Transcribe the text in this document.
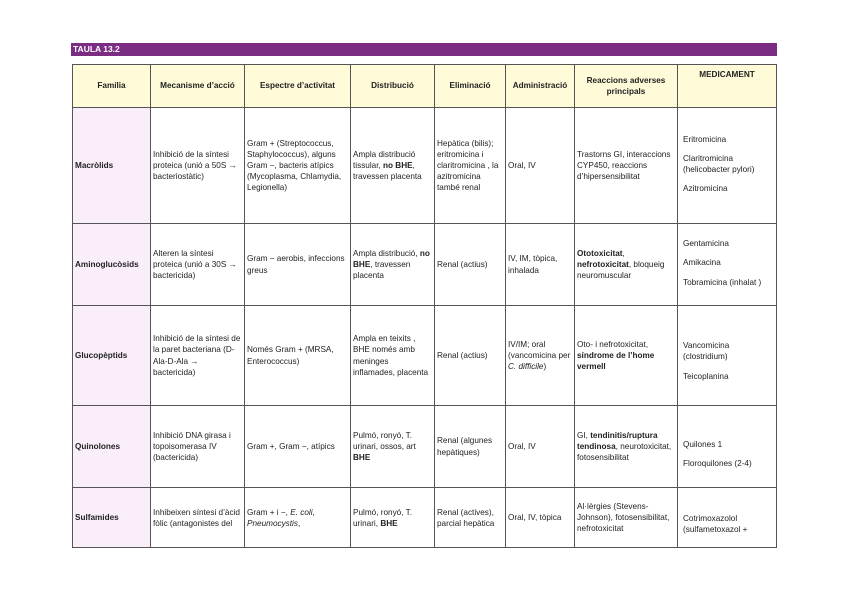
TAULA 13.2
Família	Mecanisme d’acció	Espectre d’activitat	Distribució	Eliminació	Administració	Reaccions adverses principals	MEDICAMENT
Macròlids	Inhibició de la síntesi proteica (unió a 50S → bacteriostàtic)	Gram + (Streptococcus, Staphylococcus), alguns Gram −, bacteris atípics (Mycoplasma, Chlamydia, Legionella)	Ampla distribució tissular, no BHE, travessen placenta	Hepàtica (bilis); eritromicina i claritromicina , la azitromicina també renal	Oral, IV	Trastorns GI, interaccions CYP450, reaccions d’hipersensibilitat	Eritromicina
Claritromicina (helicobacter pylori)
Azitromicina

Aminoglucòsids	Alteren la síntesi proteica (unió a 30S → bactericida)	Gram − aerobis, infeccions greus	Ampla distribució, no BHE, travessen placenta	Renal (actius)	IV, IM, tòpica, inhalada	Ototoxicitat, nefrotoxicitat, bloqueig neuromuscular	Gentamicina
Amikacina
Tobramicina (inhalat )

Glucopèptids	Inhibició de la síntesi de la paret bacteriana (D-Ala-D-Ala → bactericida)	Només Gram + (MRSA, Enterococcus)	Ampla en teixits , BHE només amb meninges inflamades, placenta	Renal (actius)	IV/IM; oral (vancomicina per C. difficile)	Oto- i nefrotoxicitat, síndrome de l’home vermell	Vancomicina (clostridium)
Teicoplanina

Quinolones	Inhibició DNA girasa i topoisomerasa IV (bactericida)	Gram +, Gram −, atípics	Pulmó, ronyó, T. urinari, ossos, art BHE	Renal (algunes hepàtiques)	Oral, IV	GI, tendinitis/ruptura tendinosa, neurotoxicitat, fotosensibilitat	Quilones 1
Floroquilones (2-4)

Sulfamides	Inhibeixen síntesi d’àcid fòlic (antagonistes del	Gram + i −, E. coli, Pneumocystis,	Pulmó, ronyó, T. urinari, BHE	Renal (actives), parcial hepàtica	Oral, IV, tòpica	Al·lèrgies (Stevens-Johnson), fotosensibilitat, nefrotoxicitat	Cotrimoxazolol (sulfametoxazol +
